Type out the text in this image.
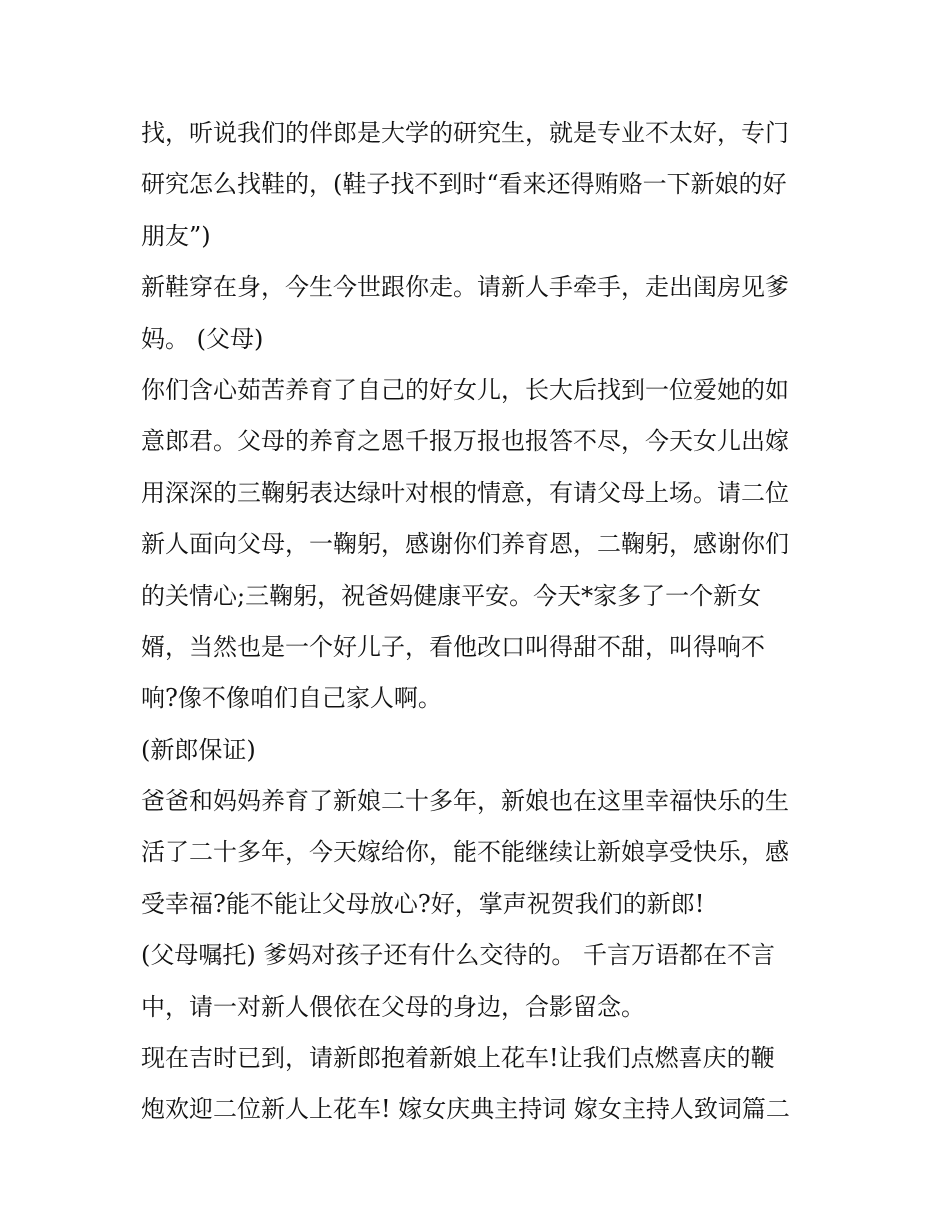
找，听说我们的伴郎是大学的研究生，就是专业不太好，专门
研究怎么找鞋的，(鞋子找不到时“看来还得贿赂一下新娘的好
朋友”)
新鞋穿在身，今生今世跟你走。请新人手牵手，走出闺房见爹
妈。 (父母)
你们含心茹苦养育了自己的好女儿，长大后找到一位爱她的如
意郎君。父母的养育之恩千报万报也报答不尽，今天女儿出嫁
用深深的三鞠躬表达绿叶对根的情意，有请父母上场。请二位
新人面向父母，一鞠躬，感谢你们养育恩，二鞠躬，感谢你们
的关情心;三鞠躬，祝爸妈健康平安。今天*家多了一个新女
婿，当然也是一个好儿子，看他改口叫得甜不甜，叫得响不
响?像不像咱们自己家人啊。
(新郎保证)
爸爸和妈妈养育了新娘二十多年，新娘也在这里幸福快乐的生
活了二十多年，今天嫁给你，能不能继续让新娘享受快乐，感
受幸福?能不能让父母放心?好，掌声祝贺我们的新郎!
(父母嘱托) 爹妈对孩子还有什么交待的。 千言万语都在不言
中，请一对新人偎依在父母的身边，合影留念。
现在吉时已到，请新郎抱着新娘上花车!让我们点燃喜庆的鞭
炮欢迎二位新人上花车! 嫁女庆典主持词 嫁女主持人致词篇二
